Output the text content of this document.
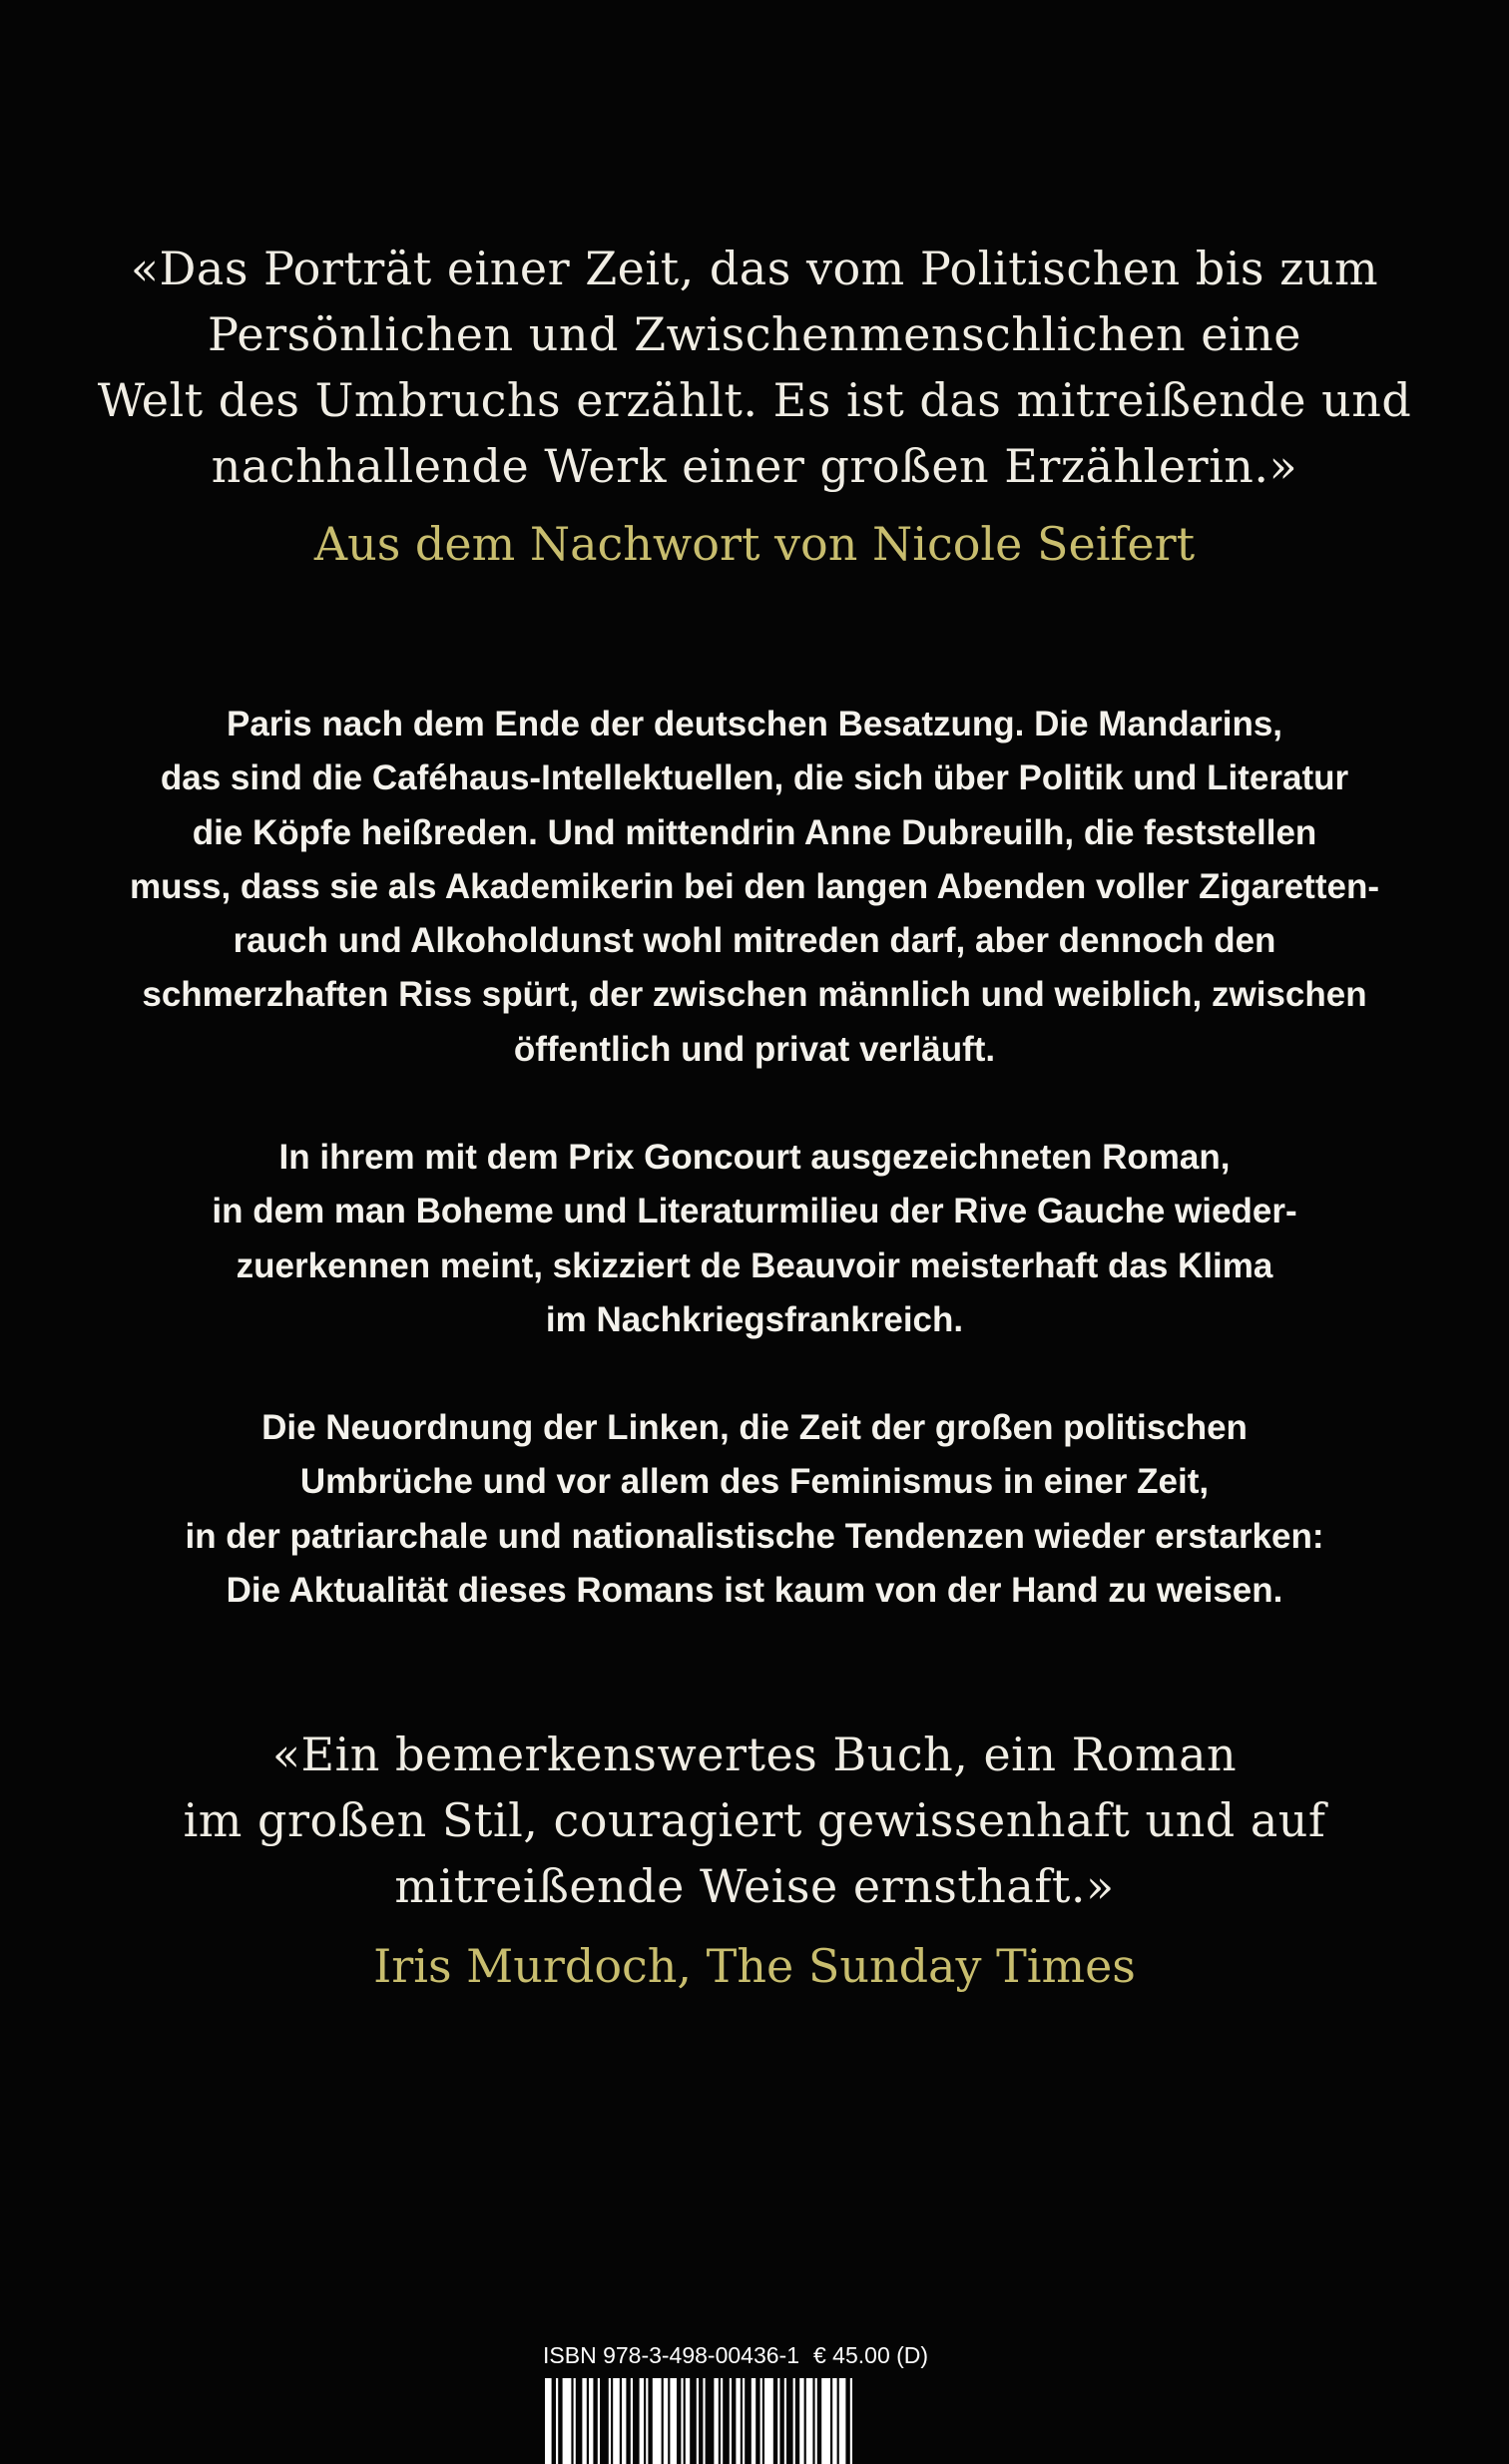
«Das Porträt einer Zeit, das vom Politischen bis zum
Persönlichen und Zwischenmenschlichen eine
Welt des Umbruchs erzählt. Es ist das mitreißende und
nachhallende Werk einer großen Erzählerin.»
Aus dem Nachwort von Nicole Seifert
Paris nach dem Ende der deutschen Besatzung. Die Mandarins,
das sind die Caféhaus-Intellektuellen, die sich über Politik und Literatur
die Köpfe heißreden. Und mittendrin Anne Dubreuilh, die feststellen
muss, dass sie als Akademikerin bei den langen Abenden voller Zigaretten-
rauch und Alkoholdunst wohl mitreden darf, aber dennoch den
schmerzhaften Riss spürt, der zwischen männlich und weiblich, zwischen
öffentlich und privat verläuft.
In ihrem mit dem Prix Goncourt ausgezeichneten Roman,
in dem man Boheme und Literaturmilieu der Rive Gauche wieder-
zuerkennen meint, skizziert de Beauvoir meisterhaft das Klima
im Nachkriegsfrankreich.
Die Neuordnung der Linken, die Zeit der großen politischen
Umbrüche und vor allem des Feminismus in einer Zeit,
in der patriarchale und nationalistische Tendenzen wieder erstarken:
Die Aktualität dieses Romans ist kaum von der Hand zu weisen.
«Ein bemerkenswertes Buch, ein Roman
im großen Stil, couragiert gewissenhaft und auf
mitreißende Weise ernsthaft.»
Iris Murdoch, The Sunday Times
ISBN 978-3-498-00436-1 € 45.00 (D)
